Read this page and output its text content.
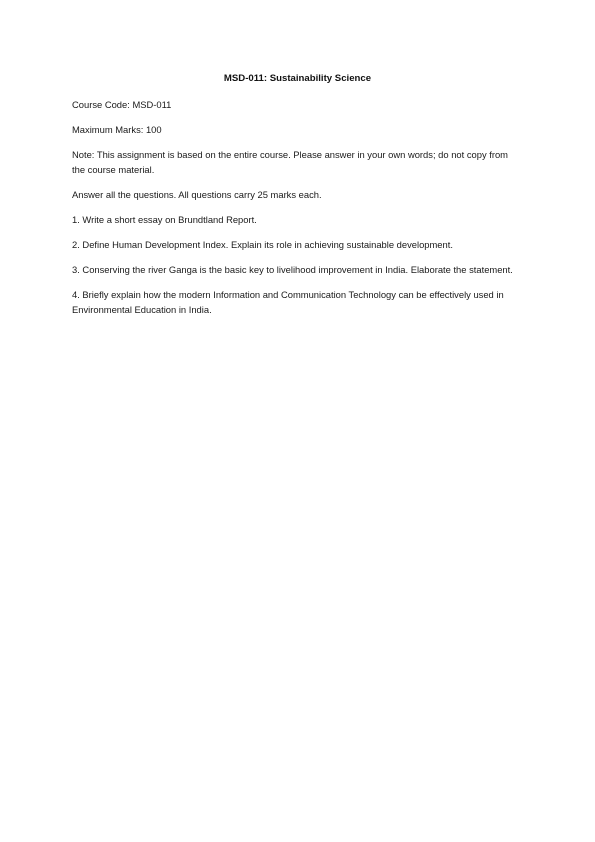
MSD-011: Sustainability Science

Course Code: MSD-011

Maximum Marks: 100

Note: This assignment is based on the entire course. Please answer in your own words; do not copy from the course material.

Answer all the questions. All questions carry 25 marks each.

1. Write a short essay on Brundtland Report.

2. Define Human Development Index. Explain its role in achieving sustainable development.

3. Conserving the river Ganga is the basic key to livelihood improvement in India. Elaborate the statement.

4. Briefly explain how the modern Information and Communication Technology can be effectively used in Environmental Education in India.
